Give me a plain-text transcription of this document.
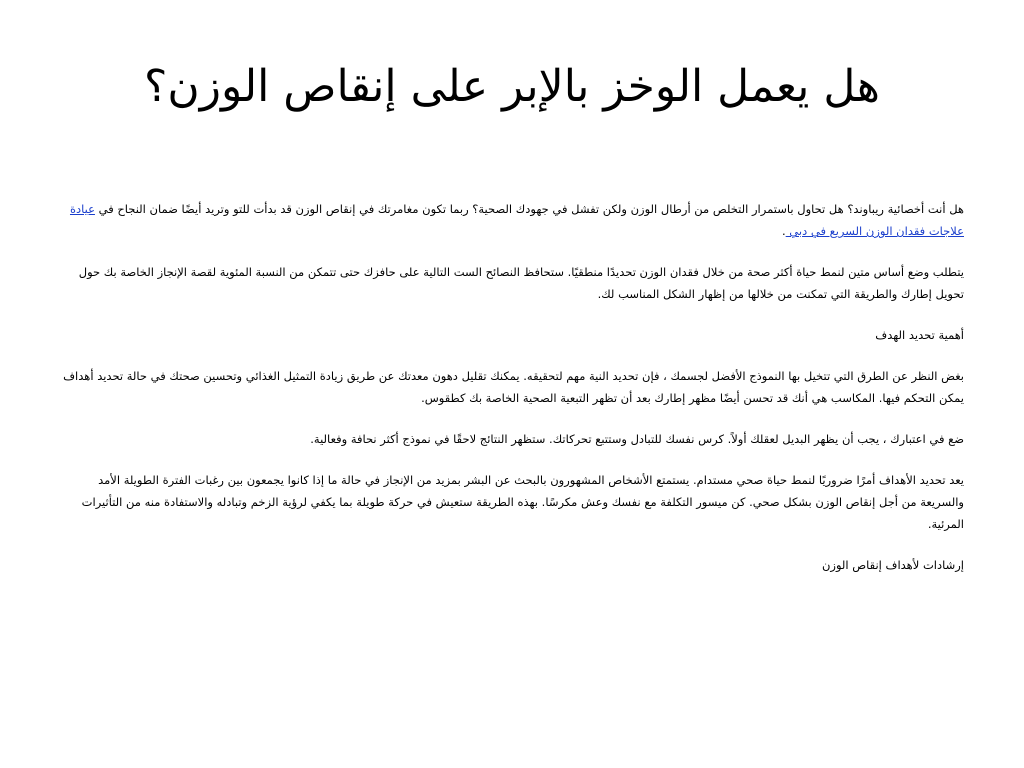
هل يعمل الوخز بالإبر على إنقاص الوزن؟

هل أنت أخصائية ريباوند؟ هل تحاول باستمرار التخلص من أرطال الوزن ولكن تفشل في جهودك الصحية؟ ربما تكون مغامرتك في إنقاص الوزن قد بدأت للتو وتريد أيضًا ضمان النجاح في عيادة علاجات فقدان الوزن السريع في دبي .

يتطلب وضع أساس متين لنمط حياة أكثر صحة من خلال فقدان الوزن تحديدًا منطقيًا. ستحافظ النصائح الست التالية على حافزك حتى تتمكن من النسبة المئوية لقصة الإنجاز الخاصة بك حول تحويل إطارك والطريقة التي تمكنت من خلالها من إظهار الشكل المناسب لك.

أهمية تحديد الهدف

بغض النظر عن الطرق التي تتخيل بها النموذج الأفضل لجسمك ، فإن تحديد النية مهم لتحقيقه. يمكنك تقليل دهون معدتك عن طريق زيادة التمثيل الغذائي وتحسين صحتك في حالة تحديد أهداف يمكن التحكم فيها. المكاسب هي أنك قد تحسن أيضًا مظهر إطارك بعد أن تظهر التبعية الصحية الخاصة بك كطقوس.

ضع في اعتبارك ، يجب أن يظهر البديل لعقلك أولاً. كرس نفسك للتبادل وستتبع تحركاتك. ستظهر النتائج لاحقًا في نموذج أكثر نحافة وفعالية.

يعد تحديد الأهداف أمرًا ضروريًا لنمط حياة صحي مستدام. يستمتع الأشخاص المشهورون بالبحث عن البشر بمزيد من الإنجاز في حالة ما إذا كانوا يجمعون بين رغبات الفترة الطويلة الأمد والسريعة من أجل إنقاص الوزن بشكل صحي. كن ميسور التكلفة مع نفسك وعش مكرسًا. بهذه الطريقة ستعيش في حركة طويلة بما يكفي لرؤية الزخم وتبادله والاستفادة منه من التأثيرات المرئية.

إرشادات لأهداف إنقاص الوزن
